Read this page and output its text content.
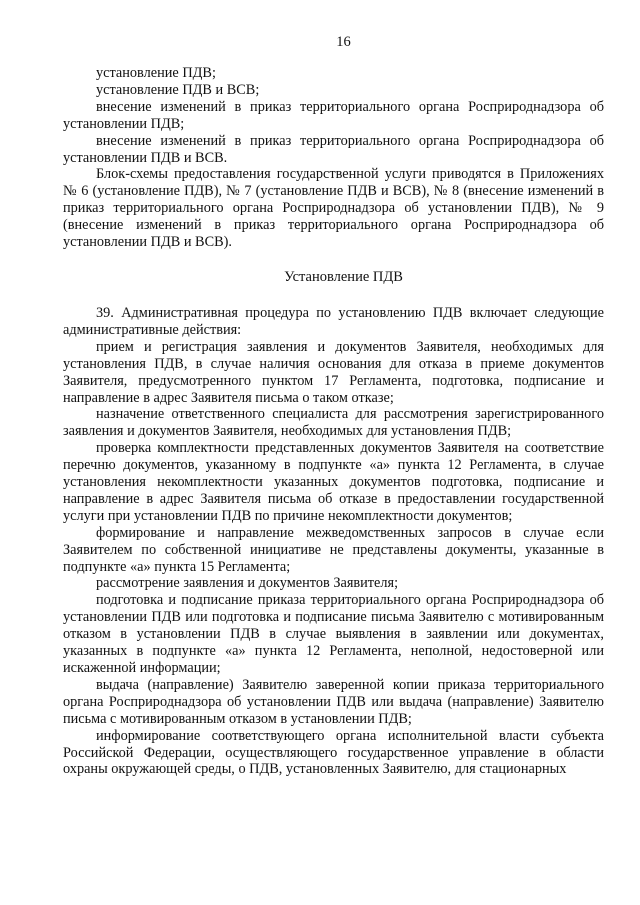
16

установление ПДВ;

установление ПДВ и ВСВ;

внесение изменений в приказ территориального органа Росприроднадзора об установлении ПДВ;

внесение изменений в приказ территориального органа Росприроднадзора об установлении ПДВ и ВСВ.

Блок-схемы предоставления государственной услуги приводятся в Приложениях № 6 (установление ПДВ), № 7 (установление ПДВ и ВСВ), № 8 (внесение изменений в приказ территориального органа Росприроднадзора об установлении ПДВ), № 9 (внесение изменений в приказ территориального органа Росприроднадзора об установлении ПДВ и ВСВ).

Установление ПДВ

39. Административная процедура по установлению ПДВ включает следующие административные действия:

прием и регистрация заявления и документов Заявителя, необходимых для установления ПДВ, в случае наличия основания для отказа в приеме документов Заявителя, предусмотренного пунктом 17 Регламента, подготовка, подписание и направление в адрес Заявителя письма о таком отказе;

назначение ответственного специалиста для рассмотрения зарегистрированного заявления и документов Заявителя, необходимых для установления ПДВ;

проверка комплектности представленных документов Заявителя на соответствие перечню документов, указанному в подпункте «а» пункта 12 Регламента, в случае установления некомплектности указанных документов подготовка, подписание и направление в адрес Заявителя письма об отказе в предоставлении государственной услуги при установлении ПДВ по причине некомплектности документов;

формирование и направление межведомственных запросов в случае если Заявителем по собственной инициативе не представлены документы, указанные в подпункте «а» пункта 15 Регламента;

рассмотрение заявления и документов Заявителя;

подготовка и подписание приказа территориального органа Росприроднадзора об установлении ПДВ или подготовка и подписание письма Заявителю с мотивированным отказом в установлении ПДВ в случае выявления в заявлении или документах, указанных в подпункте «а» пункта 12 Регламента, неполной, недостоверной или искаженной информации;

выдача (направление) Заявителю заверенной копии приказа территориального органа Росприроднадзора об установлении ПДВ или выдача (направление) Заявителю письма с мотивированным отказом в установлении ПДВ;

информирование соответствующего органа исполнительной власти субъекта Российской Федерации, осуществляющего государственное управление в области охраны окружающей среды, о ПДВ, установленных Заявителю, для стационарных
